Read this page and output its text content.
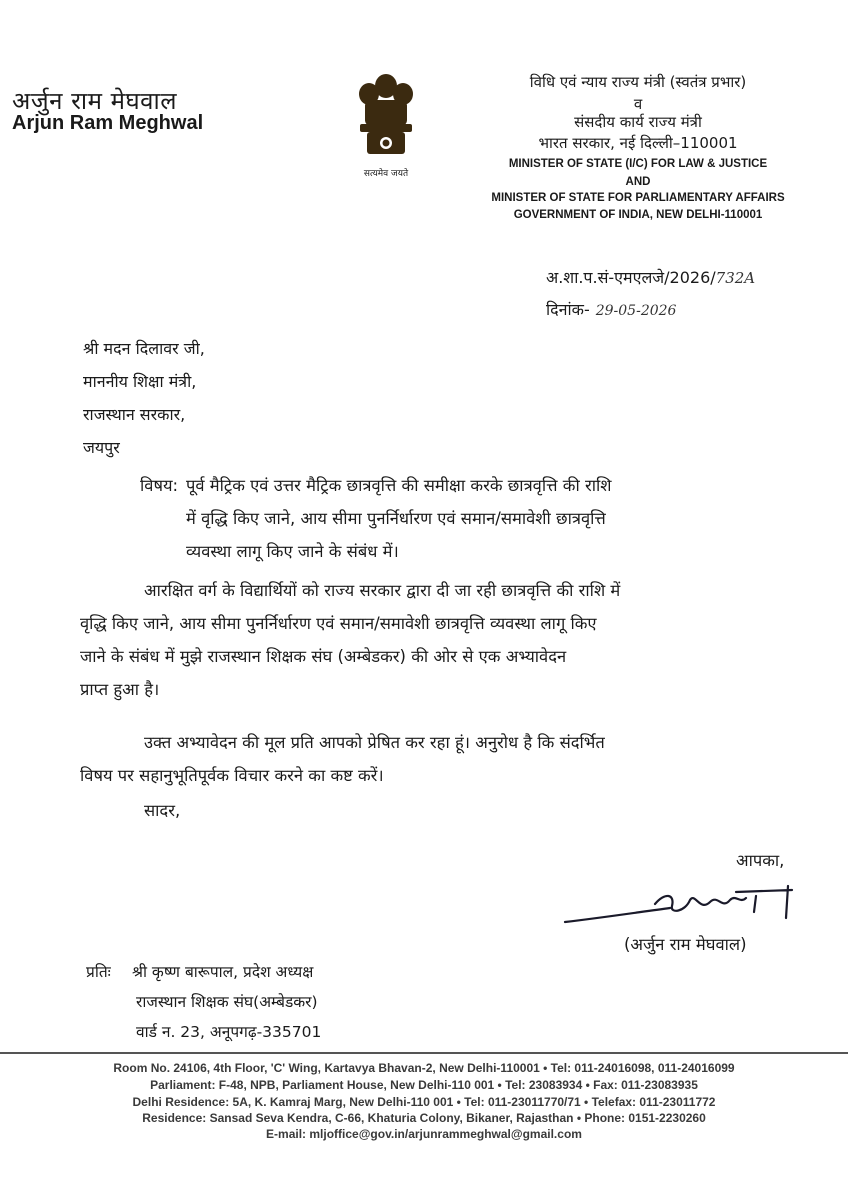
अर्जुन राम मेघवाल
Arjun Ram Meghwal
सत्यमेव जयते
विधि एवं न्याय राज्य मंत्री (स्वतंत्र प्रभार)
व
संसदीय कार्य राज्य मंत्री
भारत सरकार, नई दिल्ली–110001
MINISTER OF STATE (I/C) FOR LAW & JUSTICE
AND
MINISTER OF STATE FOR PARLIAMENTARY AFFAIRS
GOVERNMENT OF INDIA, NEW DELHI-110001
अ.शा.प.सं-एमएलजे/2026/732A
दिनांक- 29-05-2026
श्री मदन दिलावर जी,
माननीय शिक्षा मंत्री,
राजस्थान सरकार,
जयपुर
विषय: पूर्व मैट्रिक एवं उत्तर मैट्रिक छात्रवृत्ति की समीक्षा करके छात्रवृत्ति की राशि
में वृद्धि किए जाने, आय सीमा पुनर्निर्धारण एवं समान/समावेशी छात्रवृत्ति
व्यवस्था लागू किए जाने के संबंध में।
आरक्षित वर्ग के विद्यार्थियों को राज्य सरकार द्वारा दी जा रही छात्रवृत्ति की राशि में
वृद्धि किए जाने, आय सीमा पुनर्निर्धारण एवं समान/समावेशी छात्रवृत्ति व्यवस्था लागू किए
जाने के संबंध में मुझे राजस्थान शिक्षक संघ (अम्बेडकर) की ओर से एक अभ्यावेदन
प्राप्त हुआ है।
उक्त अभ्यावेदन की मूल प्रति आपको प्रेषित कर रहा हूं। अनुरोध है कि संदर्भित
विषय पर सहानुभूतिपूर्वक विचार करने का कष्ट करें।
सादर,
आपका,
(अर्जुन राम मेघवाल)
प्रतिः श्री कृष्ण बारूपाल, प्रदेश अध्यक्ष
राजस्थान शिक्षक संघ(अम्बेडकर)
वार्ड न. 23, अनूपगढ़-335701
Room No. 24106, 4th Floor, 'C' Wing, Kartavya Bhavan-2, New Delhi-110001 • Tel: 011-24016098, 011-24016099
Parliament: F-48, NPB, Parliament House, New Delhi-110 001 • Tel: 23083934 • Fax: 011-23083935
Delhi Residence: 5A, K. Kamraj Marg, New Delhi-110 001 • Tel: 011-23011770/71 • Telefax: 011-23011772
Residence: Sansad Seva Kendra, C-66, Khaturia Colony, Bikaner, Rajasthan • Phone: 0151-2230260
E-mail: mljoffice@gov.in/arjunrammeghwal@gmail.com
